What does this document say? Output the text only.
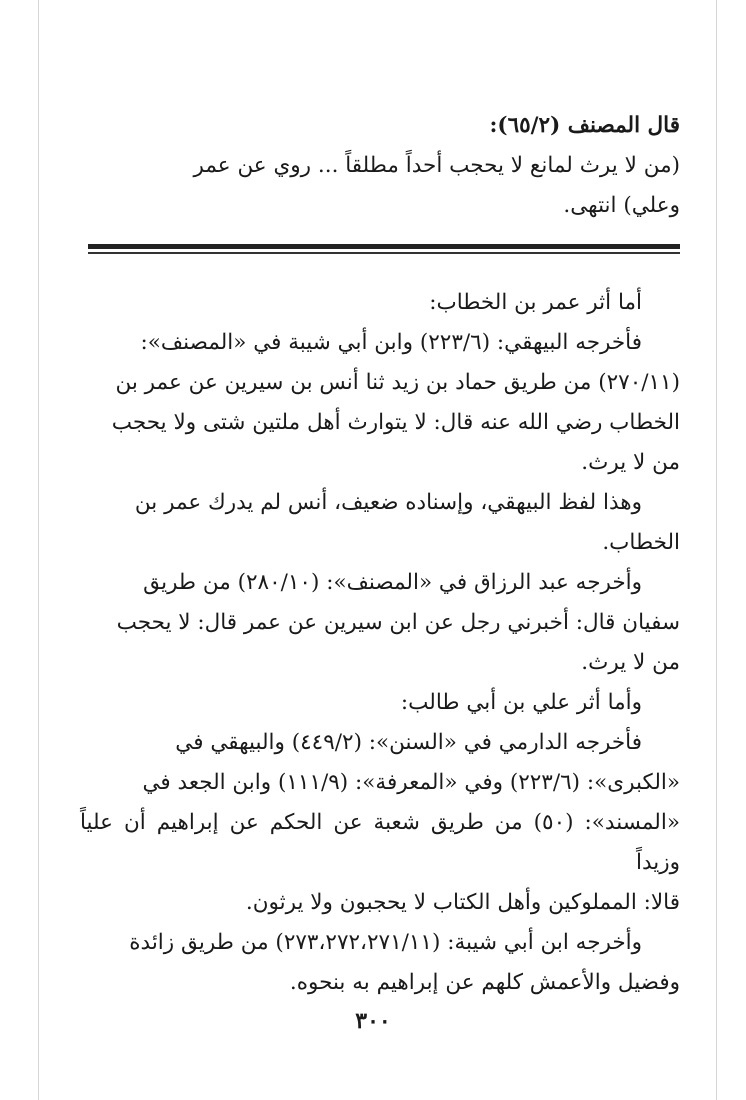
قال المصنف (٦٥/٢):
(من لا يرث لمانع لا يحجب أحداً مطلقاً ... روي عن عمر
وعلي) انتهى.
أما أثر عمر بن الخطاب:
فأخرجه البيهقي: (٢٢٣/٦) وابن أبي شيبة في «المصنف»:
(٢٧٠/١١) من طريق حماد بن زيد ثنا أنس بن سيرين عن عمر بن
الخطاب رضي الله عنه قال: لا يتوارث أهل ملتين شتى ولا يحجب
من لا يرث.
وهذا لفظ البيهقي، وإسناده ضعيف، أنس لم يدرك عمر بن
الخطاب.
وأخرجه عبد الرزاق في «المصنف»: (٢٨٠/١٠) من طريق
سفيان قال: أخبرني رجل عن ابن سيرين عن عمر قال: لا يحجب
من لا يرث.
وأما أثر علي بن أبي طالب:
فأخرجه الدارمي في «السنن»: (٤٤٩/٢) والبيهقي في
«الكبرى»: (٢٢٣/٦) وفي «المعرفة»: (١١١/٩) وابن الجعد في
«المسند»: (٥٠) من طريق شعبة عن الحكم عن إبراهيم أن علياً وزيداً
قالا: المملوكين وأهل الكتاب لا يحجبون ولا يرثون.
وأخرجه ابن أبي شيبة: (٢٧٣،٢٧٢،٢٧١/١١) من طريق زائدة
وفضيل والأعمش كلهم عن إبراهيم به بنحوه.
٣٠٠
